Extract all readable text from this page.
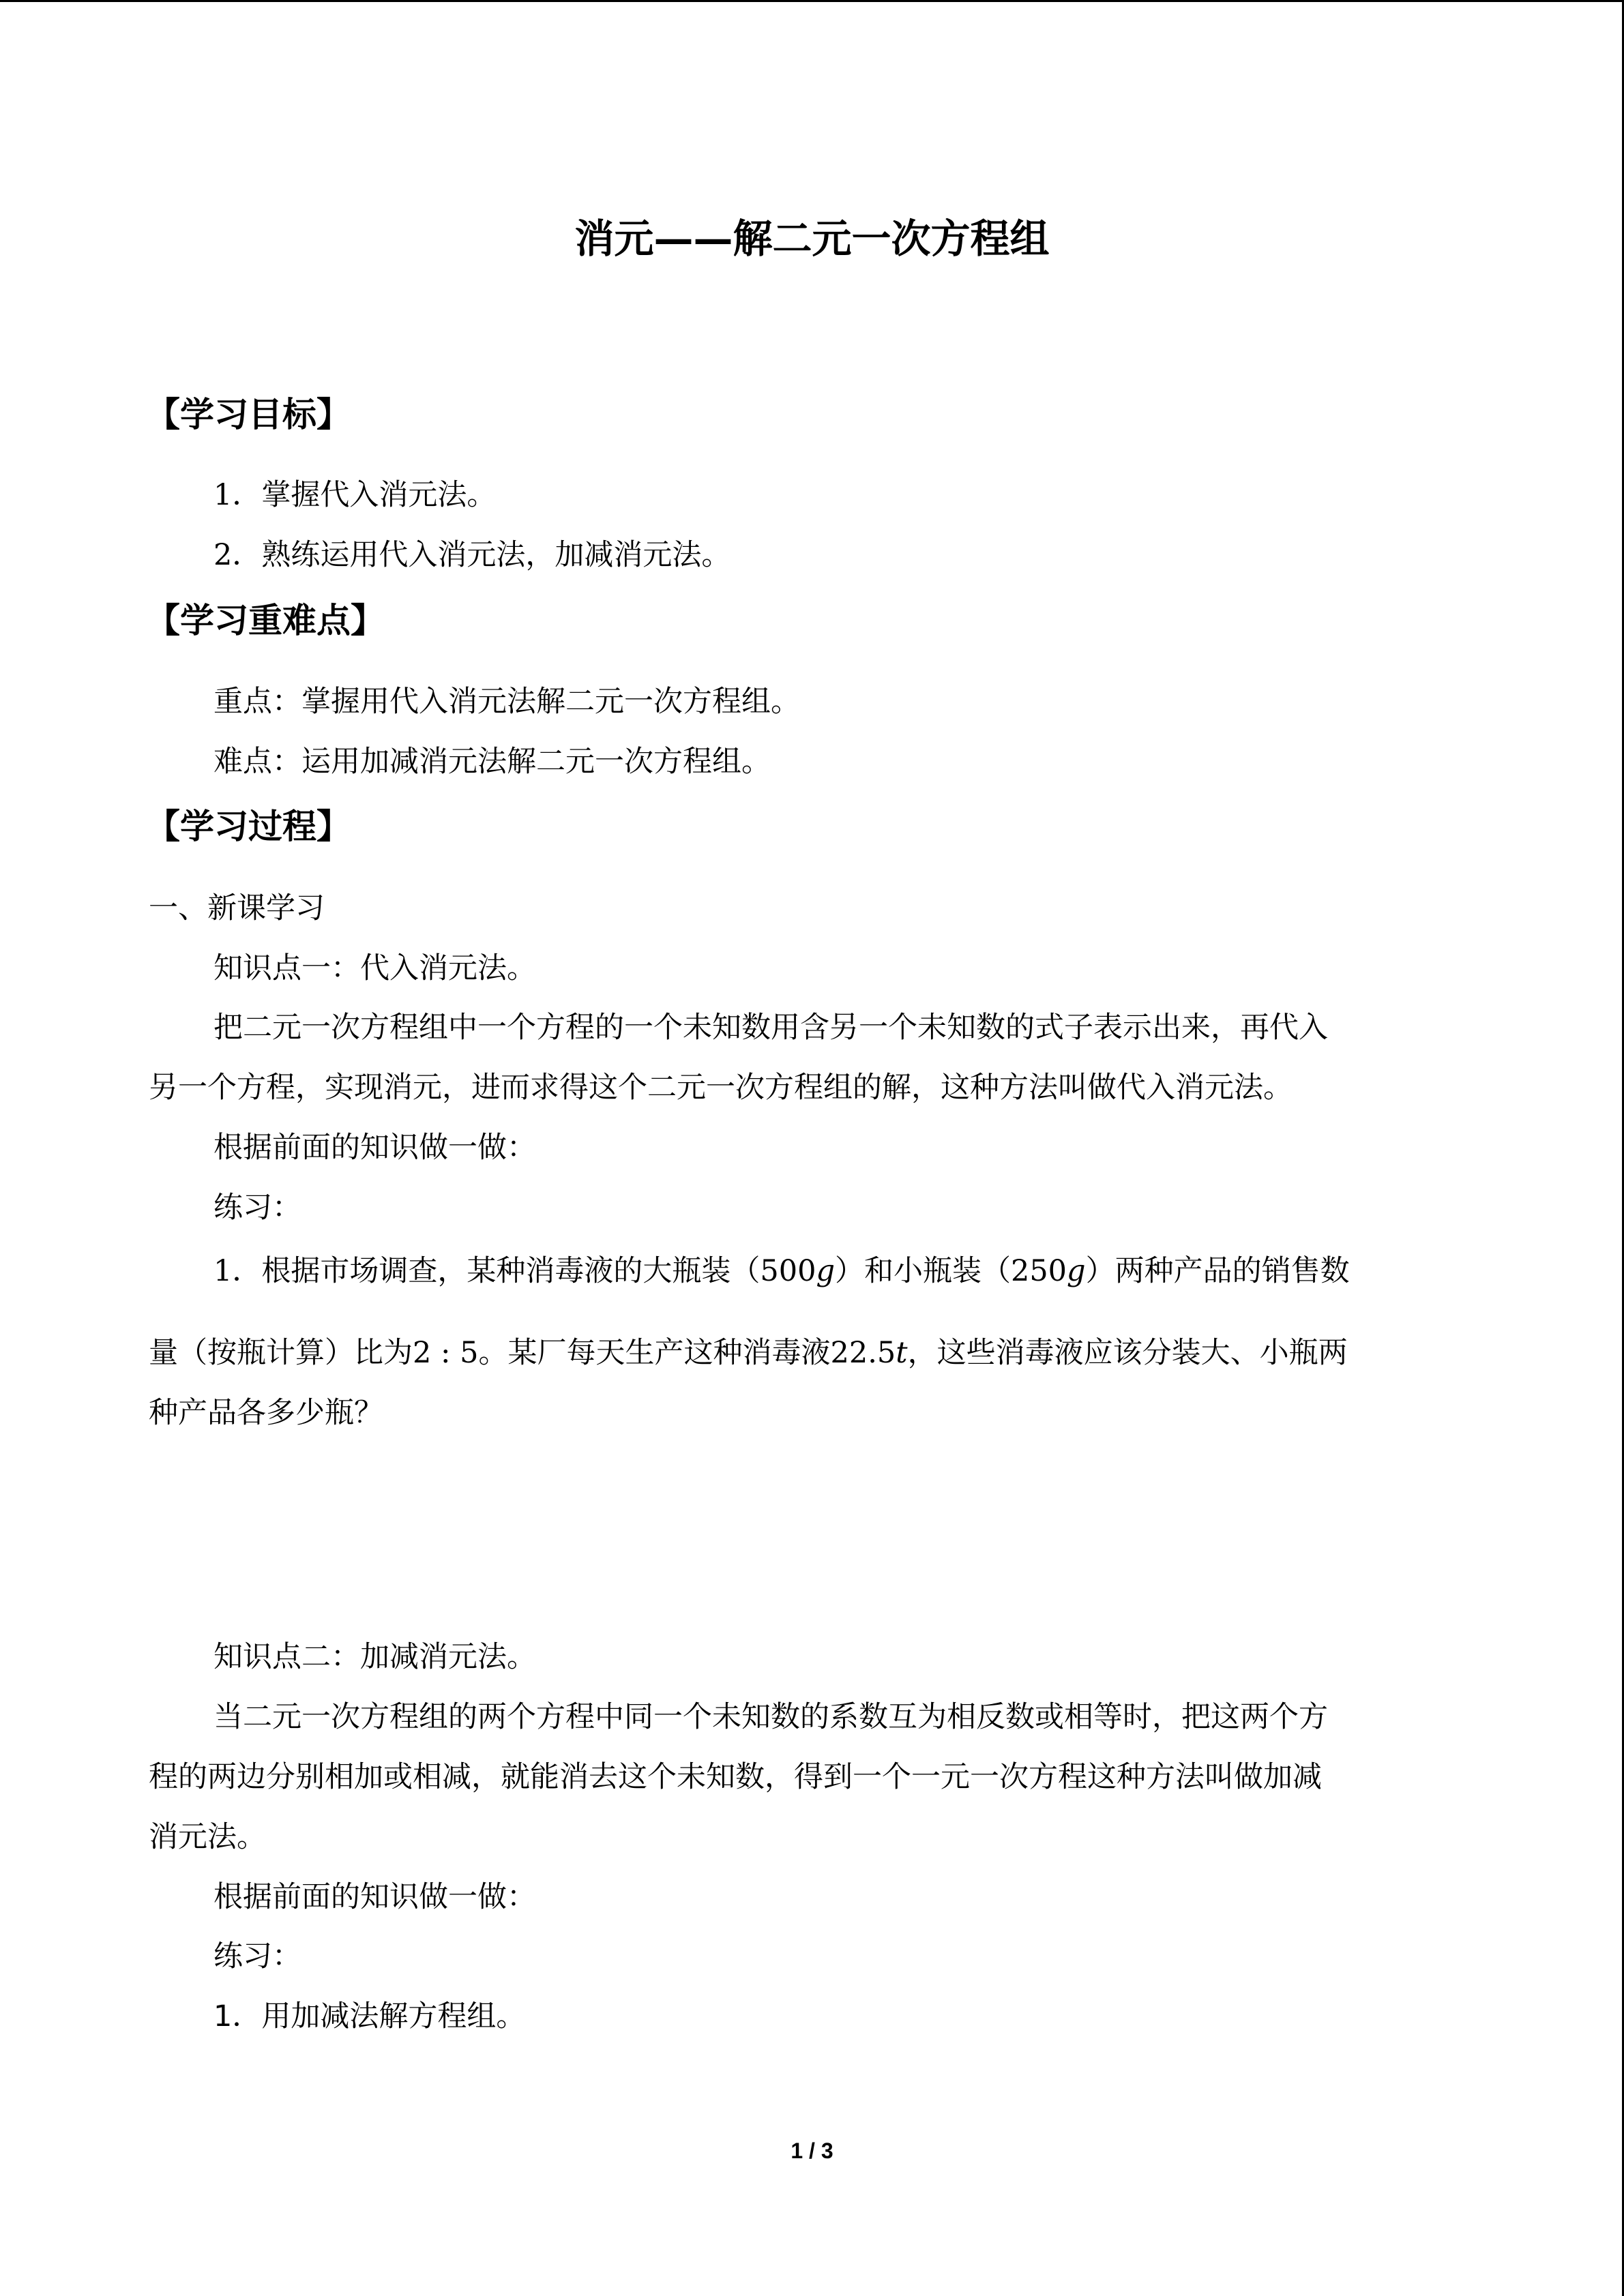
消元——解二元一次方程组
【学习目标】
1．掌握代入消元法。
2．熟练运用代入消元法，加减消元法。
【学习重难点】
重点：掌握用代入消元法解二元一次方程组。
难点：运用加减消元法解二元一次方程组。
【学习过程】
一、新课学习
知识点一：代入消元法。
把二元一次方程组中一个方程的一个未知数用含另一个未知数的式子表示出来，再代入
另一个方程，实现消元，进而求得这个二元一次方程组的解，这种方法叫做代入消元法。
根据前面的知识做一做：
练习：
1．根据市场调查，某种消毒液的大瓶装（500g）和小瓶装（250g）两种产品的销售数
量（按瓶计算）比为2 : 5。某厂每天生产这种消毒液22.5t，这些消毒液应该分装大、小瓶两
种产品各多少瓶？
知识点二：加减消元法。
当二元一次方程组的两个方程中同一个未知数的系数互为相反数或相等时，把这两个方
程的两边分别相加或相减，就能消去这个未知数，得到一个一元一次方程这种方法叫做加减
消元法。
根据前面的知识做一做：
练习：
1．用加减法解方程组。
1 / 3
